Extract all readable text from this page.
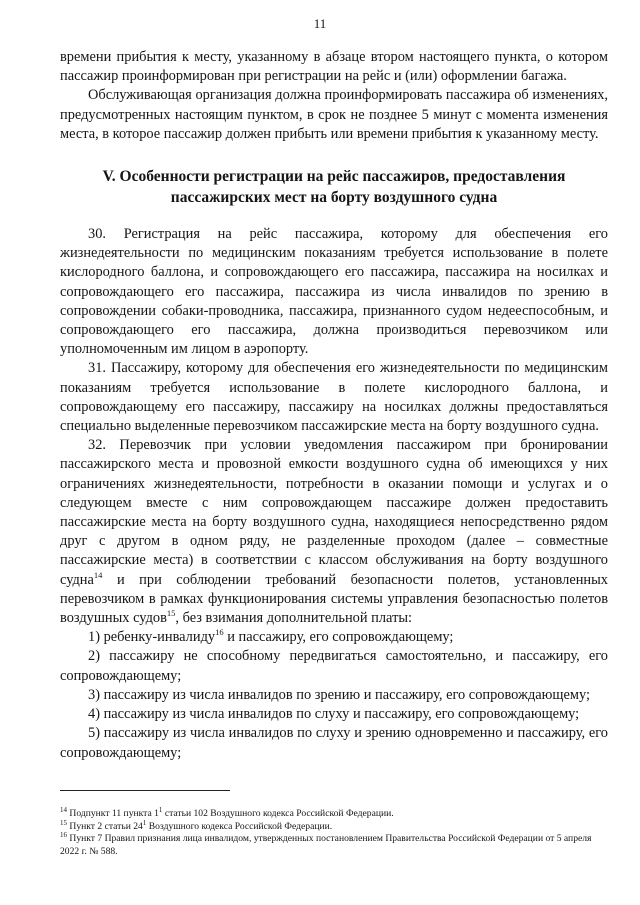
11

времени прибытия к месту, указанному в абзаце втором настоящего пункта, о котором пассажир проинформирован при регистрации на рейс и (или) оформлении багажа.

Обслуживающая организация должна проинформировать пассажира об изменениях, предусмотренных настоящим пунктом, в срок не позднее 5 минут с момента изменения места, в которое пассажир должен прибыть или времени прибытия к указанному месту.

V. Особенности регистрации на рейс пассажиров, предоставления пассажирских мест на борту воздушного судна

30. Регистрация на рейс пассажира, которому для обеспечения его жизнедеятельности по медицинским показаниям требуется использование в полете кислородного баллона, и сопровождающего его пассажира, пассажира на носилках и сопровождающего его пассажира, пассажира из числа инвалидов по зрению в сопровождении собаки-проводника, пассажира, признанного судом недееспособным, и сопровождающего его пассажира, должна производиться перевозчиком или уполномоченным им лицом в аэропорту.

31. Пассажиру, которому для обеспечения его жизнедеятельности по медицинским показаниям требуется использование в полете кислородного баллона, и сопровождающему его пассажиру, пассажиру на носилках должны предоставляться специально выделенные перевозчиком пассажирские места на борту воздушного судна.

32. Перевозчик при условии уведомления пассажиром при бронировании пассажирского места и провозной емкости воздушного судна об имеющихся у них ограничениях жизнедеятельности, потребности в оказании помощи и услугах и о следующем вместе с ним сопровождающем пассажире должен предоставить пассажирские места на борту воздушного судна, находящиеся непосредственно рядом друг с другом в одном ряду, не разделенные проходом (далее – совместные пассажирские места) в соответствии с классом обслуживания на борту воздушного судна$^{14}$ и при соблюдении требований безопасности полетов, установленных перевозчиком в рамках функционирования системы управления безопасностью полетов воздушных судов$^{15}$, без взимания дополнительной платы:

1) ребенку-инвалиду$^{16}$ и пассажиру, его сопровождающему;

2) пассажиру не способному передвигаться самостоятельно, и пассажиру, его сопровождающему;

3) пассажиру из числа инвалидов по зрению и пассажиру, его сопровождающему;

4) пассажиру из числа инвалидов по слуху и пассажиру, его сопровождающему;

5) пассажиру из числа инвалидов по слуху и зрению одновременно и пассажиру, его сопровождающему;

$^{14}$ Подпункт 11 пункта $1^1$ статьи 102 Воздушного кодекса Российской Федерации.

$^{15}$ Пункт 2 статьи $24^1$ Воздушного кодекса Российской Федерации.

$^{16}$ Пункт 7 Правил признания лица инвалидом, утвержденных постановлением Правительства Российской Федерации от 5 апреля 2022 г. № 588.
